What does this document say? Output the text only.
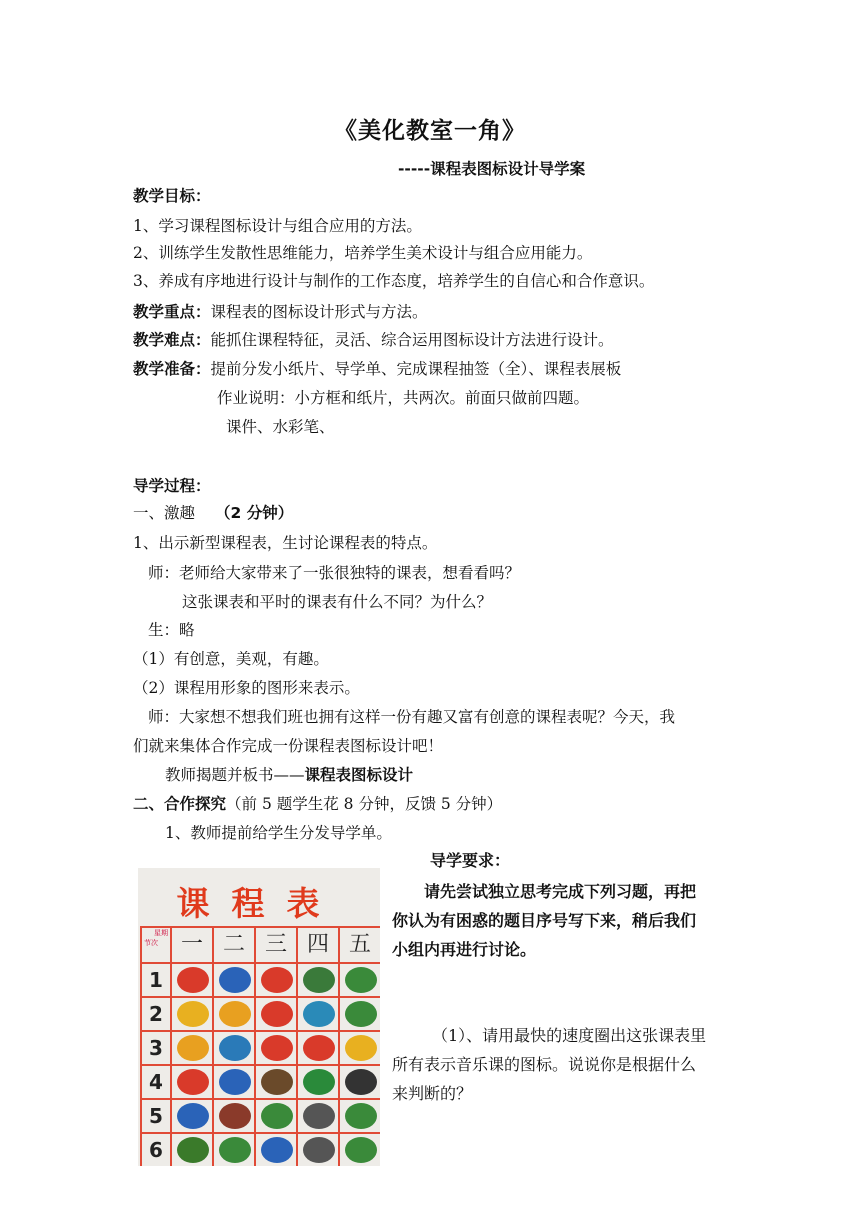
《美化教室一角》
-----课程表图标设计导学案
教学目标：
1、学习课程图标设计与组合应用的方法。
2、训练学生发散性思维能力，培养学生美术设计与组合应用能力。
3、养成有序地进行设计与制作的工作态度，培养学生的自信心和合作意识。
教学重点：课程表的图标设计形式与方法。
教学难点：能抓住课程特征，灵活、综合运用图标设计方法进行设计。
教学准备：提前分发小纸片、导学单、完成课程抽签（全）、课程表展板
作业说明：小方框和纸片，共两次。前面只做前四题。
课件、水彩笔、
导学过程：
一、激趣 （2 分钟）
1、出示新型课程表，生讨论课程表的特点。
师：老师给大家带来了一张很独特的课表，想看看吗？
这张课表和平时的课表有什么不同？为什么？
生：略
（1）有创意，美观，有趣。
（2）课程用形象的图形来表示。
师：大家想不想我们班也拥有这样一份有趣又富有创意的课程表呢？今天，我
们就来集体合作完成一份课程表图标设计吧！
教师揭题并板书——课程表图标设计
二、合作探究（前 5 题学生花 8 分钟，反馈 5 分钟）
1、教师提前给学生分发导学单。
导学要求：
请先尝试独立思考完成下列习题，再把
你认为有困惑的题目序号写下来，稍后我们
小组内再进行讨论。
（1）、请用最快的速度圈出这张课表里
所有表示音乐课的图标。说说你是根据什么
来判断的？
课程表
星期
节次	一 二 三 四 五
1
2
3
4
5
6
